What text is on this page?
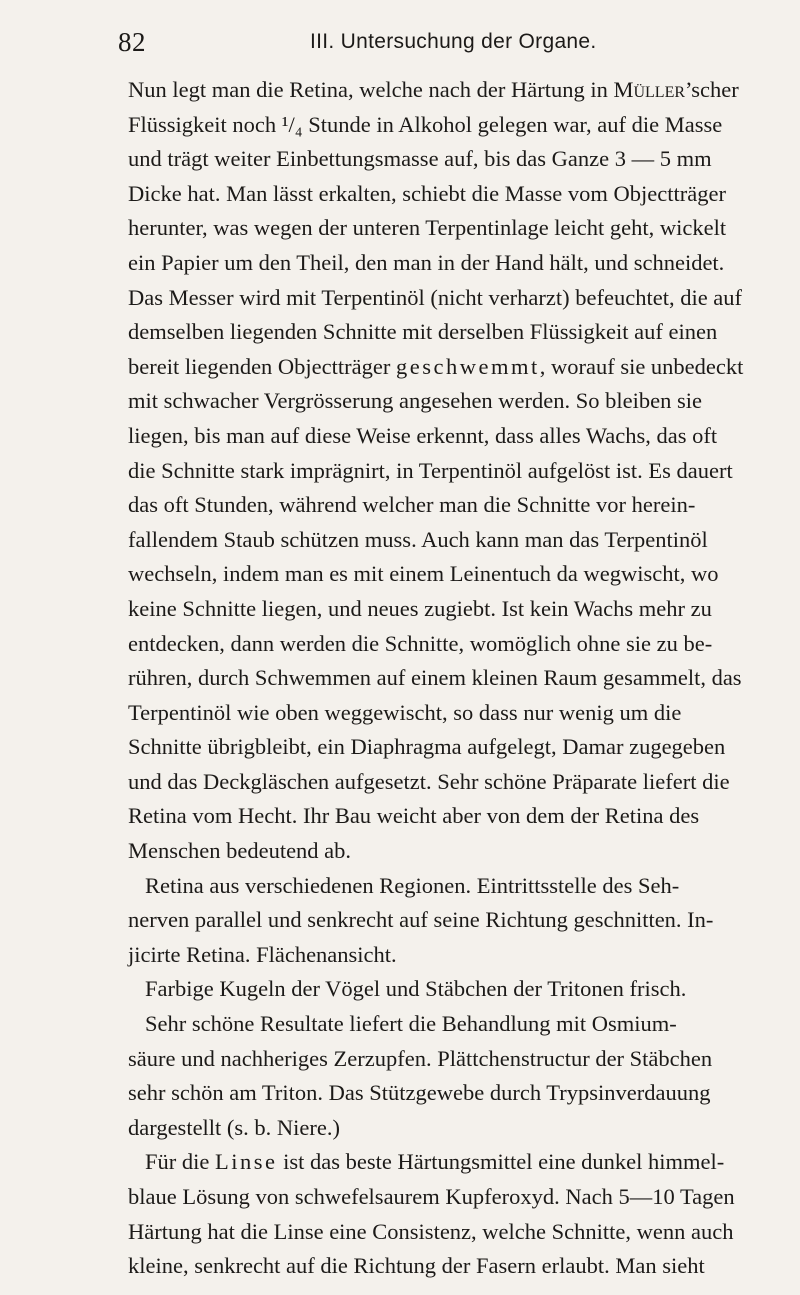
82	III. Untersuchung der Organe.
Nun legt man die Retina, welche nach der Härtung in Müller’scher
Flüssigkeit noch ¹/₄ Stunde in Alkohol gelegen war, auf die Masse
und trägt weiter Einbettungsmasse auf, bis das Ganze 3 — 5 mm
Dicke hat. Man lässt erkalten, schiebt die Masse vom Objectträger
herunter, was wegen der unteren Terpentinlage leicht geht, wickelt
ein Papier um den Theil, den man in der Hand hält, und schneidet.
Das Messer wird mit Terpentinöl (nicht verharzt) befeuchtet, die auf
demselben liegenden Schnitte mit derselben Flüssigkeit auf einen
bereit liegenden Objectträger geschwemmt, worauf sie unbedeckt
mit schwacher Vergrösserung angesehen werden. So bleiben sie
liegen, bis man auf diese Weise erkennt, dass alles Wachs, das oft
die Schnitte stark imprägnirt, in Terpentinöl aufgelöst ist. Es dauert
das oft Stunden, während welcher man die Schnitte vor herein-
fallendem Staub schützen muss. Auch kann man das Terpentinöl
wechseln, indem man es mit einem Leinentuch da wegwischt, wo
keine Schnitte liegen, und neues zugiebt. Ist kein Wachs mehr zu
entdecken, dann werden die Schnitte, womöglich ohne sie zu be-
rühren, durch Schwemmen auf einem kleinen Raum gesammelt, das
Terpentinöl wie oben weggewischt, so dass nur wenig um die
Schnitte übrigbleibt, ein Diaphragma aufgelegt, Damar zugegeben
und das Deckgläschen aufgesetzt. Sehr schöne Präparate liefert die
Retina vom Hecht. Ihr Bau weicht aber von dem der Retina des
Menschen bedeutend ab.
Retina aus verschiedenen Regionen. Eintrittsstelle des Seh-
nerven parallel und senkrecht auf seine Richtung geschnitten. In-
jicirte Retina. Flächenansicht.
Farbige Kugeln der Vögel und Stäbchen der Tritonen frisch.
Sehr schöne Resultate liefert die Behandlung mit Osmium-
säure und nachheriges Zerzupfen. Plättchenstructur der Stäbchen
sehr schön am Triton. Das Stützgewebe durch Trypsinverdauung
dargestellt (s. b. Niere.)
Für die Linse ist das beste Härtungsmittel eine dunkel himmel-
blaue Lösung von schwefelsaurem Kupferoxyd. Nach 5—10 Tagen
Härtung hat die Linse eine Consistenz, welche Schnitte, wenn auch
kleine, senkrecht auf die Richtung der Fasern erlaubt. Man sieht
